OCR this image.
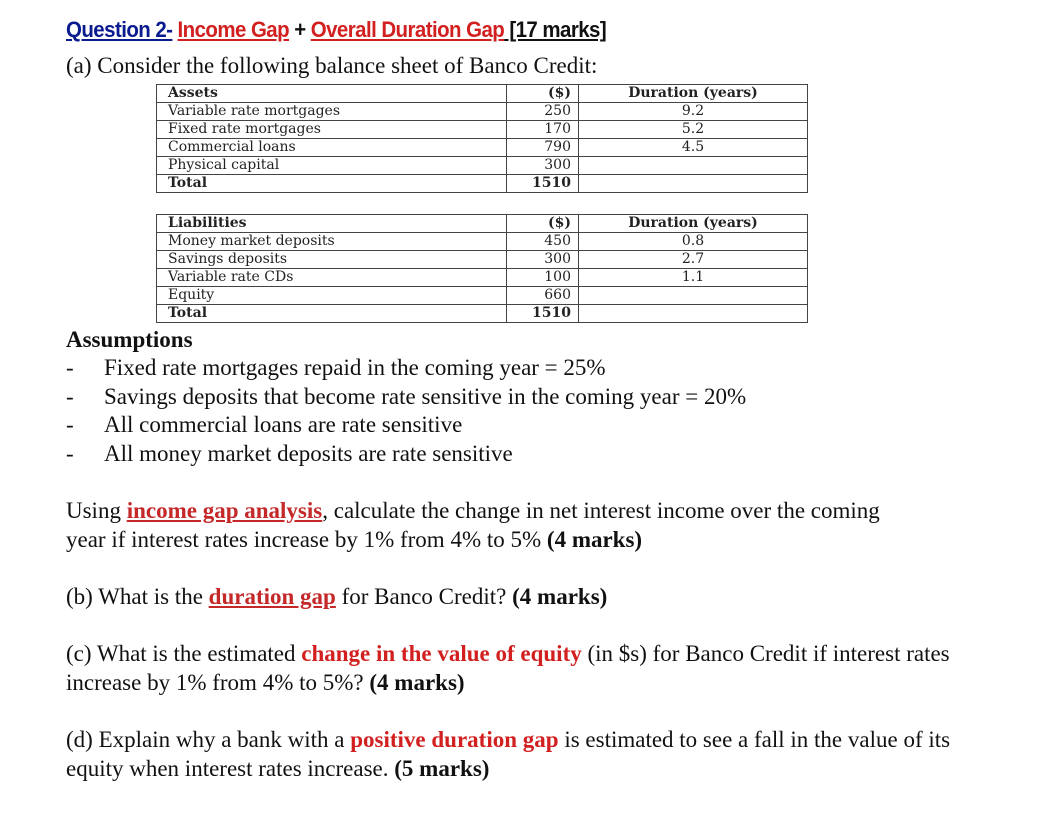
Question 2- Income Gap + Overall Duration Gap [17 marks]
(a) Consider the following balance sheet of Banco Credit:
Assets	($)	Duration (years)
Variable rate mortgages	250	9.2
Fixed rate mortgages	170	5.2
Commercial loans	790	4.5
Physical capital	300	
Total	1510	
Liabilities	($)	Duration (years)
Money market deposits	450	0.8
Savings deposits	300	2.7
Variable rate CDs	100	1.1
Equity	660	
Total	1510	
Assumptions
- Fixed rate mortgages repaid in the coming year = 25%
- Savings deposits that become rate sensitive in the coming year = 20%
- All commercial loans are rate sensitive
- All money market deposits are rate sensitive
Using income gap analysis, calculate the change in net interest income over the coming
year if interest rates increase by 1% from 4% to 5% (4 marks)
(b) What is the duration gap for Banco Credit? (4 marks)
(c) What is the estimated change in the value of equity (in $s) for Banco Credit if interest rates
increase by 1% from 4% to 5%? (4 marks)
(d) Explain why a bank with a positive duration gap is estimated to see a fall in the value of its
equity when interest rates increase. (5 marks)
